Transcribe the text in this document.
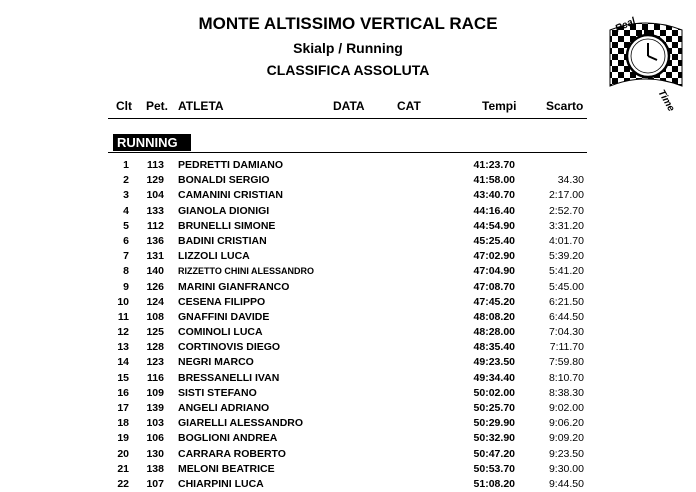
MONTE ALTISSIMO VERTICAL RACE
Skialp / Running
CLASSIFICA ASSOLUTA
Real
Time
Clt Pet. ATLETA	DATA	CAT	Tempi Scarto
RUNNING
1 113 PEDRETTI DAMIANO	41:23.70
2 129 BONALDI SERGIO	41:58.00	34.30
3 104 CAMANINI CRISTIAN	43:40.70	2:17.00
4 133 GIANOLA DIONIGI	44:16.40	2:52.70
5 112 BRUNELLI SIMONE	44:54.90	3:31.20
6 136 BADINI CRISTIAN	45:25.40	4:01.70
7 131 LIZZOLI LUCA	47:02.90	5:39.20
8 140 RIZZETTO CHINI ALESSANDRO	47:04.90	5:41.20
9 126 MARINI GIANFRANCO	47:08.70	5:45.00
10 124 CESENA FILIPPO	47:45.20	6:21.50
11 108 GNAFFINI DAVIDE	48:08.20	6:44.50
12 125 COMINOLI LUCA	48:28.00	7:04.30
13 128 CORTINOVIS DIEGO	48:35.40	7:11.70
14 123 NEGRI MARCO	49:23.50	7:59.80
15 116 BRESSANELLI IVAN	49:34.40	8:10.70
16 109 SISTI STEFANO	50:02.00	8:38.30
17 139 ANGELI ADRIANO	50:25.70	9:02.00
18 103 GIARELLI ALESSANDRO	50:29.90	9:06.20
19 106 BOGLIONI ANDREA	50:32.90	9:09.20
20 130 CARRARA ROBERTO	50:47.20	9:23.50
21 138 MELONI BEATRICE	50:53.70	9:30.00
22 107 CHIARPINI LUCA	51:08.20	9:44.50
